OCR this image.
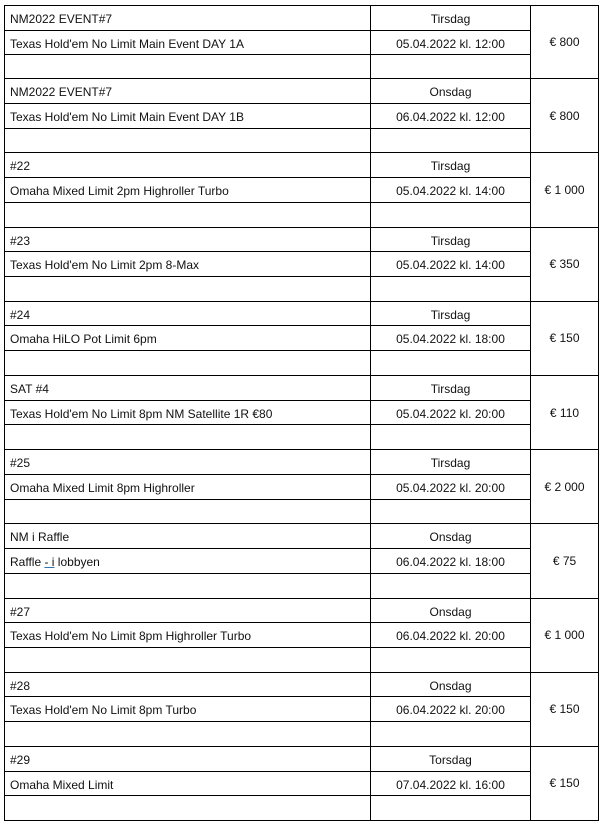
NM2022 EVENT#7
Texas Hold'em No Limit Main Event DAY 1A
Tirsdag
05.04.2022 kl. 12:00	€ 800
NM2022 EVENT#7
Texas Hold'em No Limit Main Event DAY 1B
Onsdag
06.04.2022 kl. 12:00	€ 800
#22
Omaha Mixed Limit 2pm Highroller Turbo
Tirsdag
05.04.2022 kl. 14:00	€ 1 000
#23
Texas Hold'em No Limit 2pm 8-Max
Tirsdag
05.04.2022 kl. 14:00	€ 350
#24
Omaha HiLO Pot Limit 6pm
Tirsdag
05.04.2022 kl. 18:00	€ 150
SAT #4
Texas Hold'em No Limit 8pm NM Satellite 1R €80
Tirsdag
05.04.2022 kl. 20:00	€ 110
#25
Omaha Mixed Limit 8pm Highroller
Tirsdag
05.04.2022 kl. 20:00	€ 2 000
NM i Raffle
Raffle - i lobbyen
Onsdag
06.04.2022 kl. 18:00	€ 75
#27
Texas Hold'em No Limit 8pm Highroller Turbo
Onsdag
06.04.2022 kl. 20:00	€ 1 000
#28
Texas Hold'em No Limit 8pm Turbo
Onsdag
06.04.2022 kl. 20:00	€ 150
#29
Omaha Mixed Limit
Torsdag
07.04.2022 kl. 16:00	€ 150
